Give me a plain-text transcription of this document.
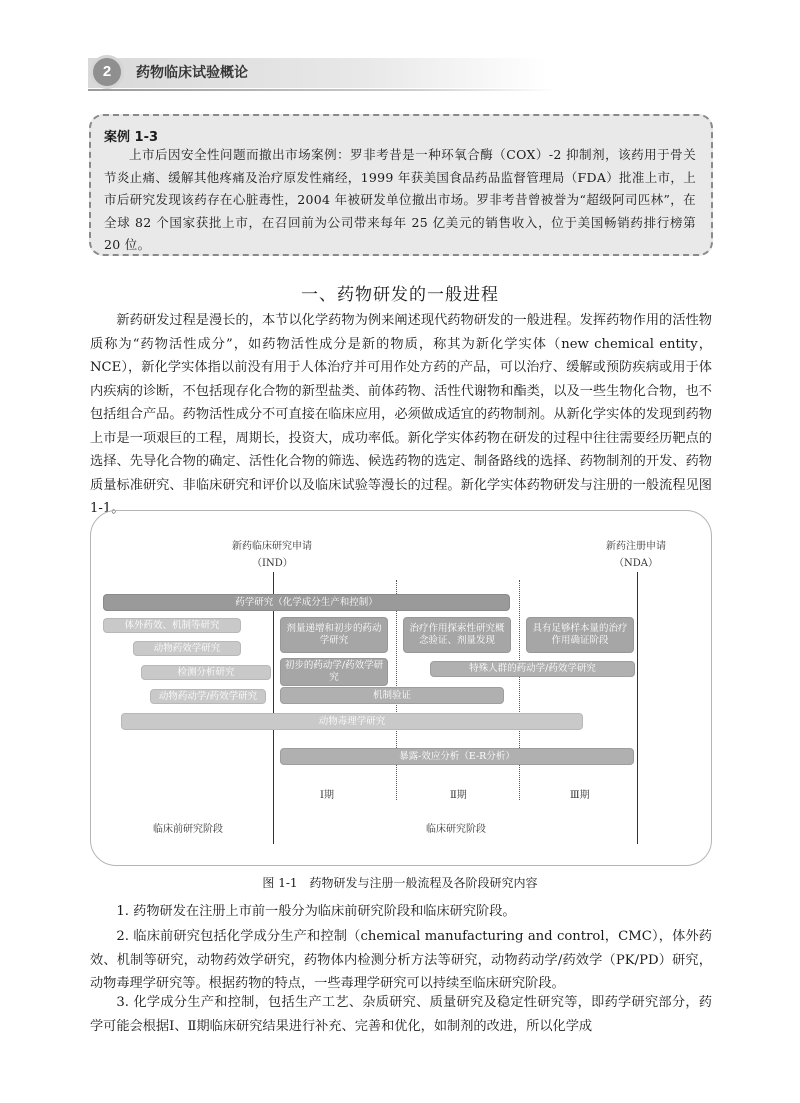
2	药物临床试验概论
案例 1-3
上市后因安全性问题而撤出市场案例：罗非考昔是一种环氧合酶（COX）-2 抑制剂，该药用于骨关节炎止痛、缓解其他疼痛及治疗原发性痛经，1999 年获美国食品药品监督管理局（FDA）批准上市，上市后研究发现该药存在心脏毒性，2004 年被研发单位撤出市场。罗非考昔曾被誉为“超级阿司匹林”，在全球 82 个国家获批上市，在召回前为公司带来每年 25 亿美元的销售收入，位于美国畅销药排行榜第 20 位。
一、药物研发的一般进程
新药研发过程是漫长的，本节以化学药物为例来阐述现代药物研发的一般进程。发挥药物作用的活性物质称为“药物活性成分”，如药物活性成分是新的物质，称其为新化学实体（new chemical entity，NCE），新化学实体指以前没有用于人体治疗并可用作处方药的产品，可以治疗、缓解或预防疾病或用于体内疾病的诊断，不包括现存化合物的新型盐类、前体药物、活性代谢物和酯类，以及一些生物化合物，也不包括组合产品。药物活性成分不可直接在临床应用，必须做成适宜的药物制剂。从新化学实体的发现到药物上市是一项艰巨的工程，周期长，投资大，成功率低。新化学实体药物在研发的过程中往往需要经历靶点的选择、先导化合物的确定、活性化合物的筛选、候选药物的选定、制备路线的选择、药物制剂的开发、药物质量标准研究、非临床研究和评价以及临床试验等漫长的过程。新化学实体药物研发与注册的一般流程见图 1-1。
新药临床研究申请
（IND）
新药注册申请
（NDA）
药学研究（化学成分生产和控制）
体外药效、机制等研究
动物药效学研究
检测分析研究
动物药动学/药效学研究
剂量递增和初步的药动学研究
初步的药动学/药效学研究
治疗作用探索性研究概念验证、剂量发现
具有足够样本量的治疗作用确证阶段
特殊人群的药动学/药效学研究
机制验证
动物毒理学研究
暴露-效应分析（E-R分析）
Ⅰ期	Ⅱ期	Ⅲ期
临床前研究阶段	临床研究阶段
图 1-1　药物研发与注册一般流程及各阶段研究内容
1. 药物研发在注册上市前一般分为临床前研究阶段和临床研究阶段。
2. 临床前研究包括化学成分生产和控制（chemical manufacturing and control，CMC），体外药效、机制等研究，动物药效学研究，药物体内检测分析方法等研究，动物药动学/药效学（PK/PD）研究，动物毒理学研究等。根据药物的特点，一些毒理学研究可以持续至临床研究阶段。
3. 化学成分生产和控制，包括生产工艺、杂质研究、质量研究及稳定性研究等，即药学研究部分，药学可能会根据Ⅰ、Ⅱ期临床研究结果进行补充、完善和优化，如制剂的改进，所以化学成
